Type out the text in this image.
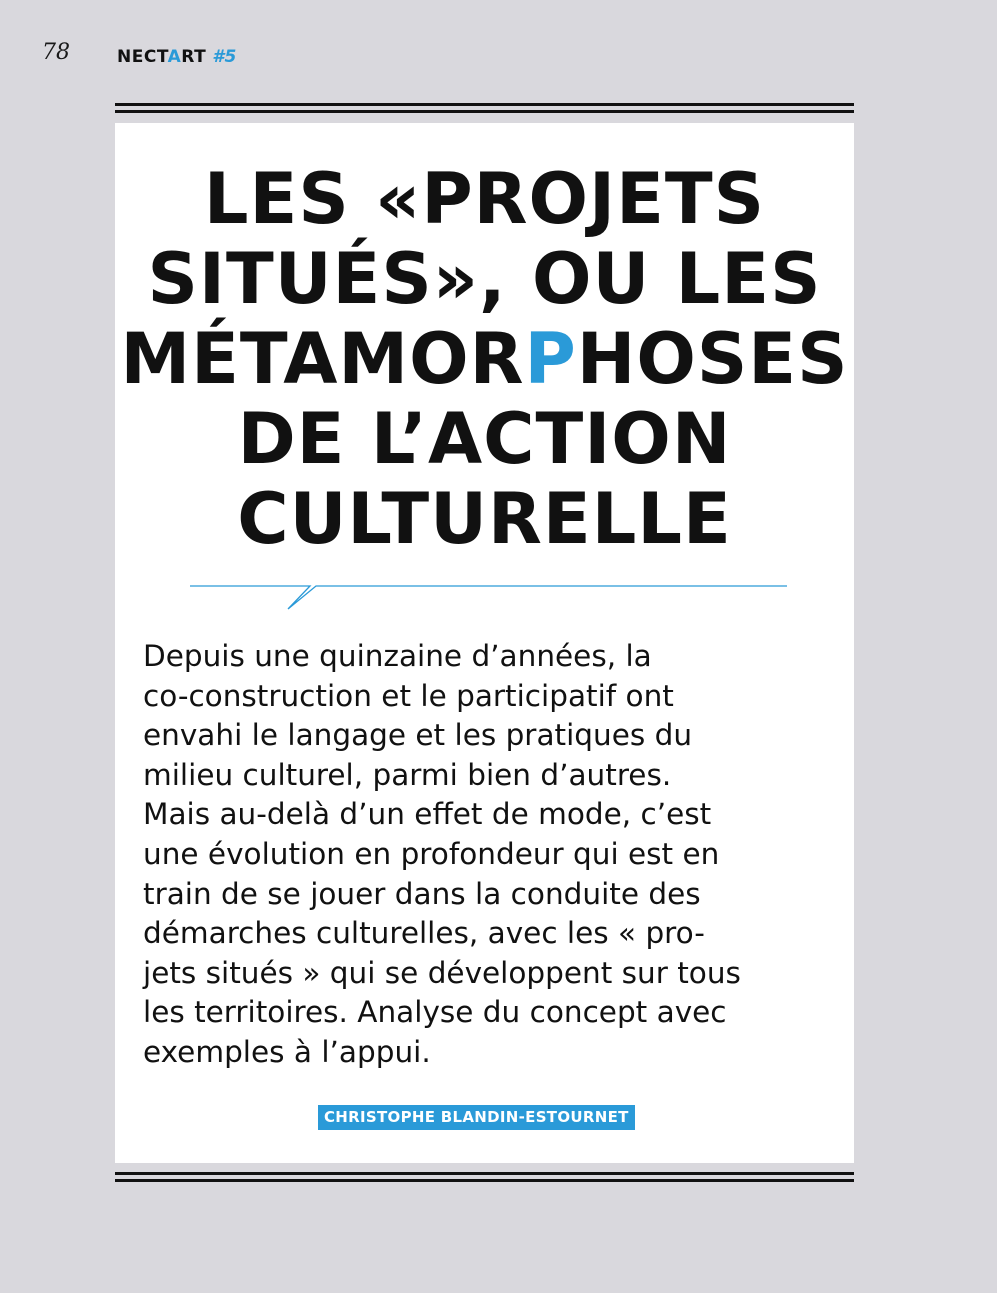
78	NECTART #5
LES «PROJETS
SITUÉS», OU LES
MÉTAMORPHOSES
DE L’ACTION
CULTURELLE

Depuis une quinzaine d’années, la
co-construction et le participatif ont
envahi le langage et les pratiques du
milieu culturel, parmi bien d’autres.
Mais au-delà d’un effet de mode, c’est
une évolution en profondeur qui est en
train de se jouer dans la conduite des
démarches culturelles, avec les « pro-
jets situés » qui se développent sur tous
les territoires. Analyse du concept avec
exemples à l’appui.

CHRISTOPHE BLANDIN-ESTOURNET
